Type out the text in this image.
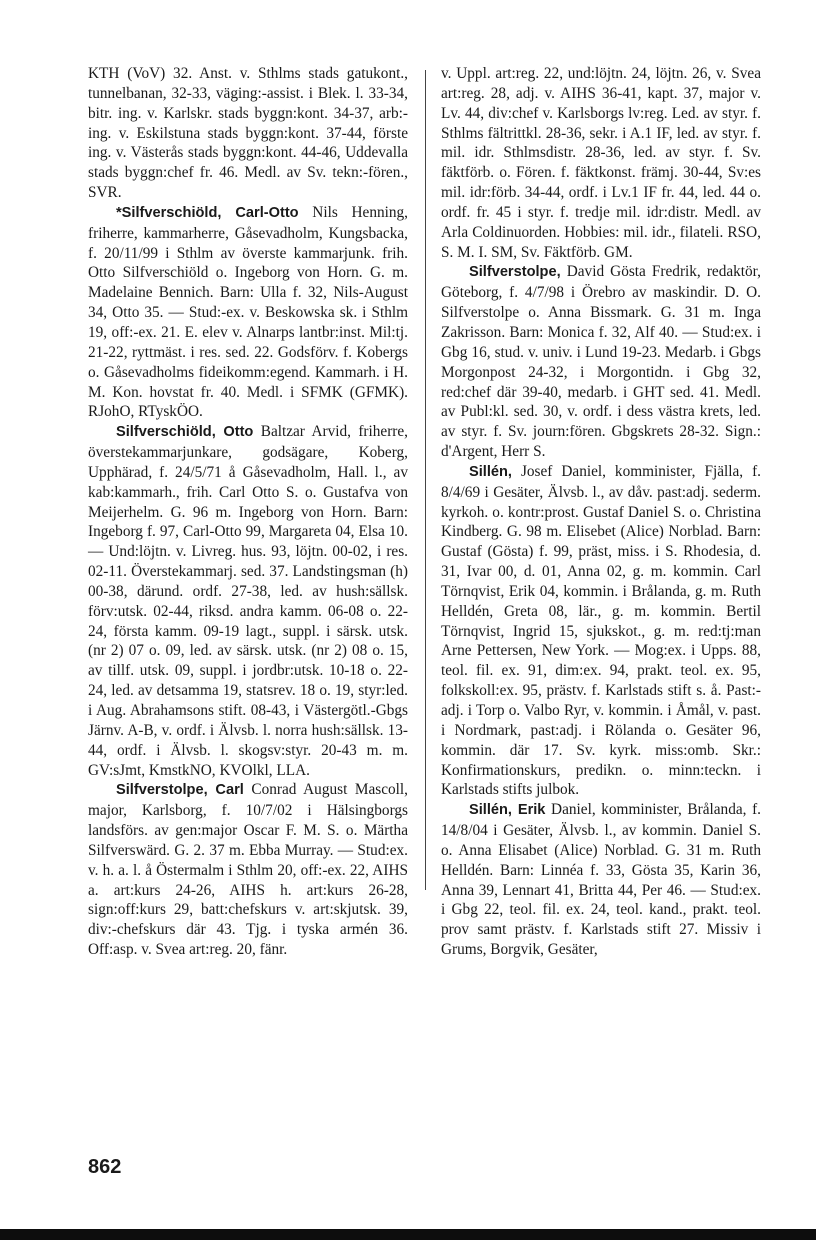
KTH (VoV) 32. Anst. v. Sthlms stads gatukont., tunnelbanan, 32-33, väging:-assist. i Blek. l. 33-34, bitr. ing. v. Karlskr. stads byggn:kont. 34-37, arb:-ing. v. Eskilstuna stads byggn:kont. 37-44, förste ing. v. Västerås stads byggn:kont. 44-46, Uddevalla stads byggn:chef fr. 46. Medl. av Sv. tekn:-fören., SVR.

*Silfverschiöld, Carl-Otto Nils Henning, friherre, kammarherre, Gåsevadholm, Kungsbacka, f. 20/11/99 i Sthlm av överste kammarjunk. frih. Otto Silfverschiöld o. Ingeborg von Horn. G. m. Madelaine Bennich. Barn: Ulla f. 32, Nils-August 34, Otto 35. — Stud:-ex. v. Beskowska sk. i Sthlm 19, off:-ex. 21. E. elev v. Alnarps lantbr:inst. Mil:tj. 21-22, ryttmäst. i res. sed. 22. Godsförv. f. Kobergs o. Gåsevadholms fideikomm:egend. Kammarh. i H. M. Kon. hovstat fr. 40. Medl. i SFMK (GFMK). RJohO, RTyskÖO.

Silfverschiöld, Otto Baltzar Arvid, friherre, överstekammarjunkare, godsägare, Koberg, Upphärad, f. 24/5/71 å Gåsevadholm, Hall. l., av kab:kammarh., frih. Carl Otto S. o. Gustafva von Meijerhelm. G. 96 m. Ingeborg von Horn. Barn: Ingeborg f. 97, Carl-Otto 99, Margareta 04, Elsa 10. — Und:löjtn. v. Livreg. hus. 93, löjtn. 00-02, i res. 02-11. Överstekammarj. sed. 37. Landstingsman (h) 00-38, därund. ordf. 27-38, led. av hush:sällsk. förv:utsk. 02-44, riksd. andra kamm. 06-08 o. 22-24, första kamm. 09-19 lagt., suppl. i särsk. utsk. (nr 2) 07 o. 09, led. av särsk. utsk. (nr 2) 08 o. 15, av tillf. utsk. 09, suppl. i jordbr:utsk. 10-18 o. 22-24, led. av detsamma 19, statsrev. 18 o. 19, styr:led. i Aug. Abrahamsons stift. 08-43, i Västergötl.-Gbgs Järnv. A-B, v. ordf. i Älvsb. l. norra hush:sällsk. 13-44, ordf. i Älvsb. l. skogsv:styr. 20-43 m. m. GV:sJmt, KmstkNO, KVOlkl, LLA.

Silfverstolpe, Carl Conrad August Mascoll, major, Karlsborg, f. 10/7/02 i Hälsingborgs landsförs. av gen:major Oscar F. M. S. o. Märtha Silfverswärd. G. 2. 37 m. Ebba Murray. — Stud:ex. v. h. a. l. å Östermalm i Sthlm 20, off:-ex. 22, AIHS a. art:kurs 24-26, AIHS h. art:kurs 26-28, sign:off:kurs 29, batt:chefskurs v. art:skjutsk. 39, div:-chefskurs där 43. Tjg. i tyska armén 36. Off:asp. v. Svea art:reg. 20, fänr.

v. Uppl. art:reg. 22, und:löjtn. 24, löjtn. 26, v. Svea art:reg. 28, adj. v. AIHS 36-41, kapt. 37, major v. Lv. 44, div:chef v. Karlsborgs lv:reg. Led. av styr. f. Sthlms fältrittkl. 28-36, sekr. i A.1 IF, led. av styr. f. mil. idr. Sthlmsdistr. 28-36, led. av styr. f. Sv. fäktförb. o. Fören. f. fäktkonst. främj. 30-44, Sv:es mil. idr:förb. 34-44, ordf. i Lv.1 IF fr. 44, led. 44 o. ordf. fr. 45 i styr. f. tredje mil. idr:distr. Medl. av Arla Coldinuorden. Hobbies: mil. idr., filateli. RSO, S. M. I. SM, Sv. Fäktförb. GM.

Silfverstolpe, David Gösta Fredrik, redaktör, Göteborg, f. 4/7/98 i Örebro av maskindir. D. O. Silfverstolpe o. Anna Bissmark. G. 31 m. Inga Zakrisson. Barn: Monica f. 32, Alf 40. — Stud:ex. i Gbg 16, stud. v. univ. i Lund 19-23. Medarb. i Gbgs Morgonpost 24-32, i Morgontidn. i Gbg 32, red:chef där 39-40, medarb. i GHT sed. 41. Medl. av Publ:kl. sed. 30, v. ordf. i dess västra krets, led. av styr. f. Sv. journ:fören. Gbgskrets 28-32. Sign.: d'Argent, Herr S.

Sillén, Josef Daniel, komminister, Fjälla, f. 8/4/69 i Gesäter, Älvsb. l., av dåv. past:adj. sederm. kyrkoh. o. kontr:prost. Gustaf Daniel S. o. Christina Kindberg. G. 98 m. Elisebet (Alice) Norblad. Barn: Gustaf (Gösta) f. 99, präst, miss. i S. Rhodesia, d. 31, Ivar 00, d. 01, Anna 02, g. m. kommin. Carl Törnqvist, Erik 04, kommin. i Brålanda, g. m. Ruth Helldén, Greta 08, lär., g. m. kommin. Bertil Törnqvist, Ingrid 15, sjukskot., g. m. red:tj:man Arne Pettersen, New York. — Mog:ex. i Upps. 88, teol. fil. ex. 91, dim:ex. 94, prakt. teol. ex. 95, folkskoll:ex. 95, prästv. f. Karlstads stift s. å. Past:-adj. i Torp o. Valbo Ryr, v. kommin. i Åmål, v. past. i Nordmark, past:adj. i Rölanda o. Gesäter 96, kommin. där 17. Sv. kyrk. miss:omb. Skr.: Konfirmationskurs, predikn. o. minn:teckn. i Karlstads stifts julbok.

Sillén, Erik Daniel, komminister, Brålanda, f. 14/8/04 i Gesäter, Älvsb. l., av kommin. Daniel S. o. Anna Elisabet (Alice) Norblad. G. 31 m. Ruth Helldén. Barn: Linnéa f. 33, Gösta 35, Karin 36, Anna 39, Lennart 41, Britta 44, Per 46. — Stud:ex. i Gbg 22, teol. fil. ex. 24, teol. kand., prakt. teol. prov samt prästv. f. Karlstads stift 27. Missiv i Grums, Borgvik, Gesäter,

862
